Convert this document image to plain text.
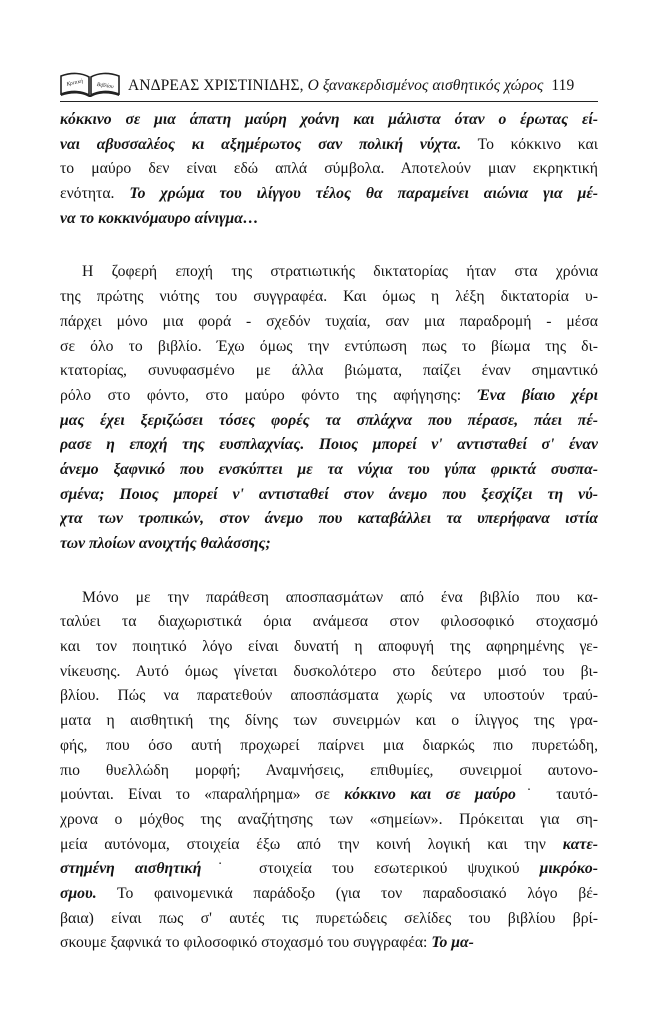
Κριτική Βιβλίου ΑΝΔΡΕΑΣ ΧΡΙΣΤΙΝΙΔΗΣ, Ο ξανακερδισμένος αισθητικός χώρος 119
κόκκινο σε μια άπατη μαύρη χοάνη και μάλιστα όταν ο έρωτας εί-
ναι αβυσσαλέος κι αξημέρωτος σαν πολική νύχτα. Το κόκκινο και
το μαύρο δεν είναι εδώ απλά σύμβολα. Αποτελούν μιαν εκρηκτική
ενότητα. Το χρώμα του ιλίγγου τέλος θα παραμείνει αιώνια για μέ-
να το κοκκινόμαυρο αίνιγμα…
Η ζοφερή εποχή της στρατιωτικής δικτατορίας ήταν στα χρόνια
της πρώτης νιότης του συγγραφέα. Και όμως η λέξη δικτατορία υ-
πάρχει μόνο μια φορά - σχεδόν τυχαία, σαν μια παραδρομή - μέσα
σε όλο το βιβλίο. Έχω όμως την εντύπωση πως το βίωμα της δι-
κτατορίας, συνυφασμένο με άλλα βιώματα, παίζει έναν σημαντικό
ρόλο στο φόντο, στο μαύρο φόντο της αφήγησης: Ένα βίαιο χέρι
μας έχει ξεριζώσει τόσες φορές τα σπλάχνα που πέρασε, πάει πέ-
ρασε η εποχή της ευσπλαχνίας. Ποιος μπορεί ν' αντισταθεί σ' έναν
άνεμο ξαφνικό που ενσκύπτει με τα νύχια του γύπα φρικτά συσπα-
σμένα; Ποιος μπορεί ν' αντισταθεί στον άνεμο που ξεσχίζει τη νύ-
χτα των τροπικών, στον άνεμο που καταβάλλει τα υπερήφανα ιστία
των πλοίων ανοιχτής θαλάσσης;
Μόνο με την παράθεση αποσπασμάτων από ένα βιβλίο που κα-
ταλύει τα διαχωριστικά όρια ανάμεσα στον φιλοσοφικό στοχασμό
και τον ποιητικό λόγο είναι δυνατή η αποφυγή της αφηρημένης γε-
νίκευσης. Αυτό όμως γίνεται δυσκολότερο στο δεύτερο μισό του βι-
βλίου. Πώς να παρατεθούν αποσπάσματα χωρίς να υποστούν τραύ-
ματα η αισθητική της δίνης των συνειρμών και ο ίλιγγος της γρα-
φής, που όσο αυτή προχωρεί παίρνει μια διαρκώς πιο πυρετώδη,
πιο θυελλώδη μορφή; Αναμνήσεις, επιθυμίες, συνειρμοί αυτονο-
μούνται. Είναι το «παραλήρημα» σε κόκκινο και σε μαύρο˙ ταυτό-
χρονα ο μόχθος της αναζήτησης των «σημείων». Πρόκειται για ση-
μεία αυτόνομα, στοιχεία έξω από την κοινή λογική και την κατε-
στημένη αισθητική˙ στοιχεία του εσωτερικού ψυχικού μικρόκο-
σμου. Το φαινομενικά παράδοξο (για τον παραδοσιακό λόγο βέ-
βαια) είναι πως σ' αυτές τις πυρετώδεις σελίδες του βιβλίου βρί-
σκουμε ξαφνικά το φιλοσοφικό στοχασμό του συγγραφέα: Το μα-
